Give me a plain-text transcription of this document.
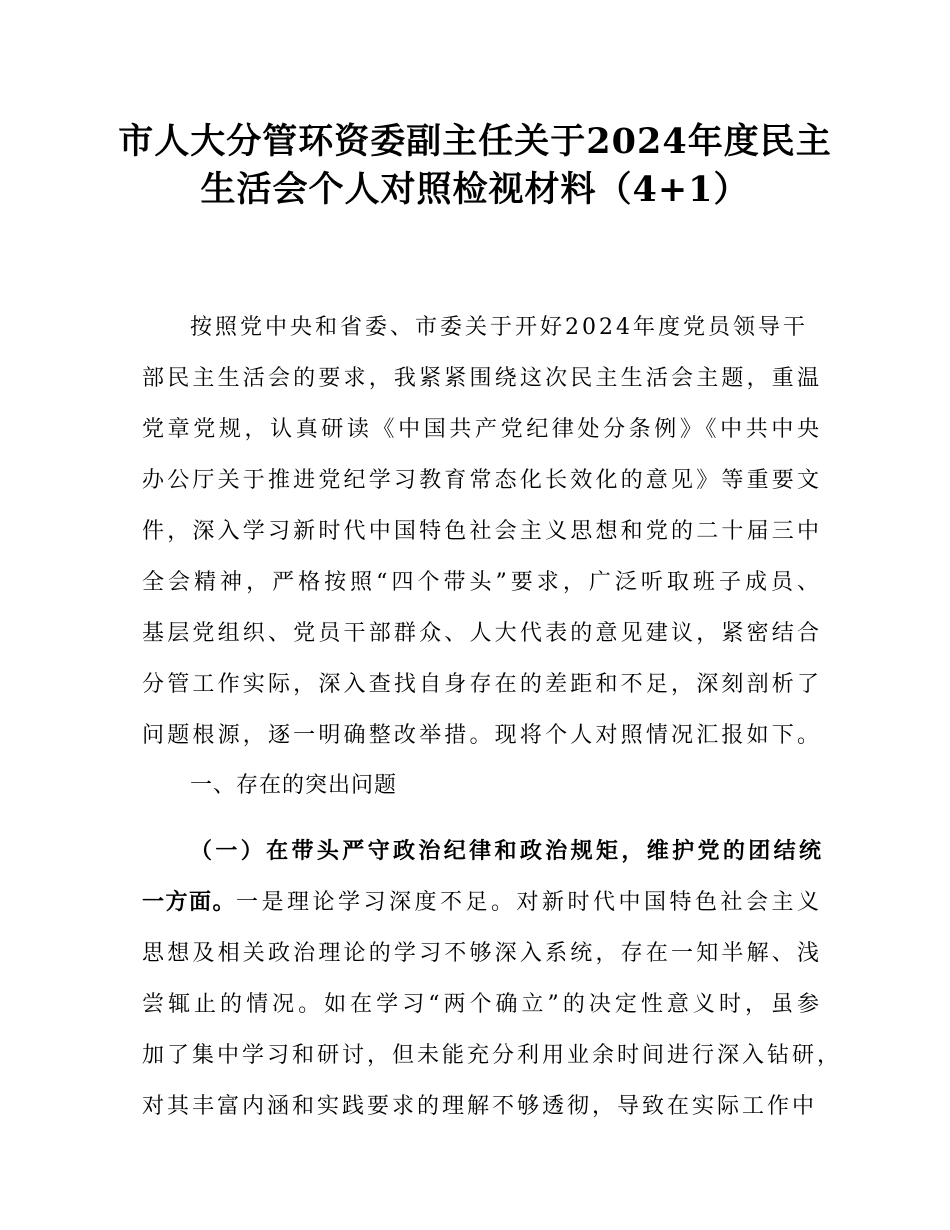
市人大分管环资委副主任关于2024年度民主
生活会个人对照检视材料（4+1）
按照党中央和省委、市委关于开好2024年度党员领导干
部民主生活会的要求，我紧紧围绕这次民主生活会主题，重温
党章党规，认真研读《中国共产党纪律处分条例》《中共中央
办公厅关于推进党纪学习教育常态化长效化的意见》等重要文
件，深入学习新时代中国特色社会主义思想和党的二十届三中
全会精神，严格按照“四个带头”要求，广泛听取班子成员、
基层党组织、党员干部群众、人大代表的意见建议，紧密结合
分管工作实际，深入查找自身存在的差距和不足，深刻剖析了
问题根源，逐一明确整改举措。现将个人对照情况汇报如下。
一、存在的突出问题
（一）在带头严守政治纪律和政治规矩，维护党的团结统
一方面。一是理论学习深度不足。对新时代中国特色社会主义
思想及相关政治理论的学习不够深入系统，存在一知半解、浅
尝辄止的情况。如在学习“两个确立”的决定性意义时，虽参
加了集中学习和研讨，但未能充分利用业余时间进行深入钻研，
对其丰富内涵和实践要求的理解不够透彻，导致在实际工作中
